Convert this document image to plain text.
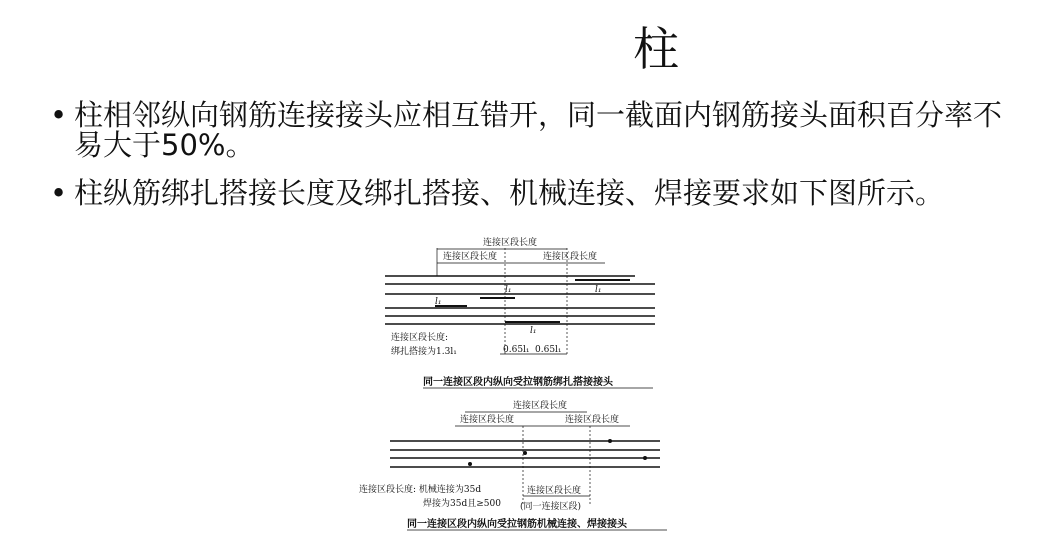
柱
• 柱相邻纵向钢筋连接接头应相互错开，同一截面内钢筋接头面积百分率不易大于50%。
• 柱纵筋绑扎搭接长度及绑扎搭接、机械连接、焊接要求如下图所示。
连接区段长度
连接区段长度	连接区段长度
l₁	l₁
l₁
l₁
连接区段长度:
绑扎搭接为1.3l₁	0.65l₁ 0.65l₁
同一连接区段内纵向受拉钢筋绑扎搭接接头
连接区段长度
连接区段长度	连接区段长度
连接区段长度: 机械连接为35d
焊接为35d且≥500
连接区段长度
(同一连接区段)
同一连接区段内纵向受拉钢筋机械连接、焊接接头
